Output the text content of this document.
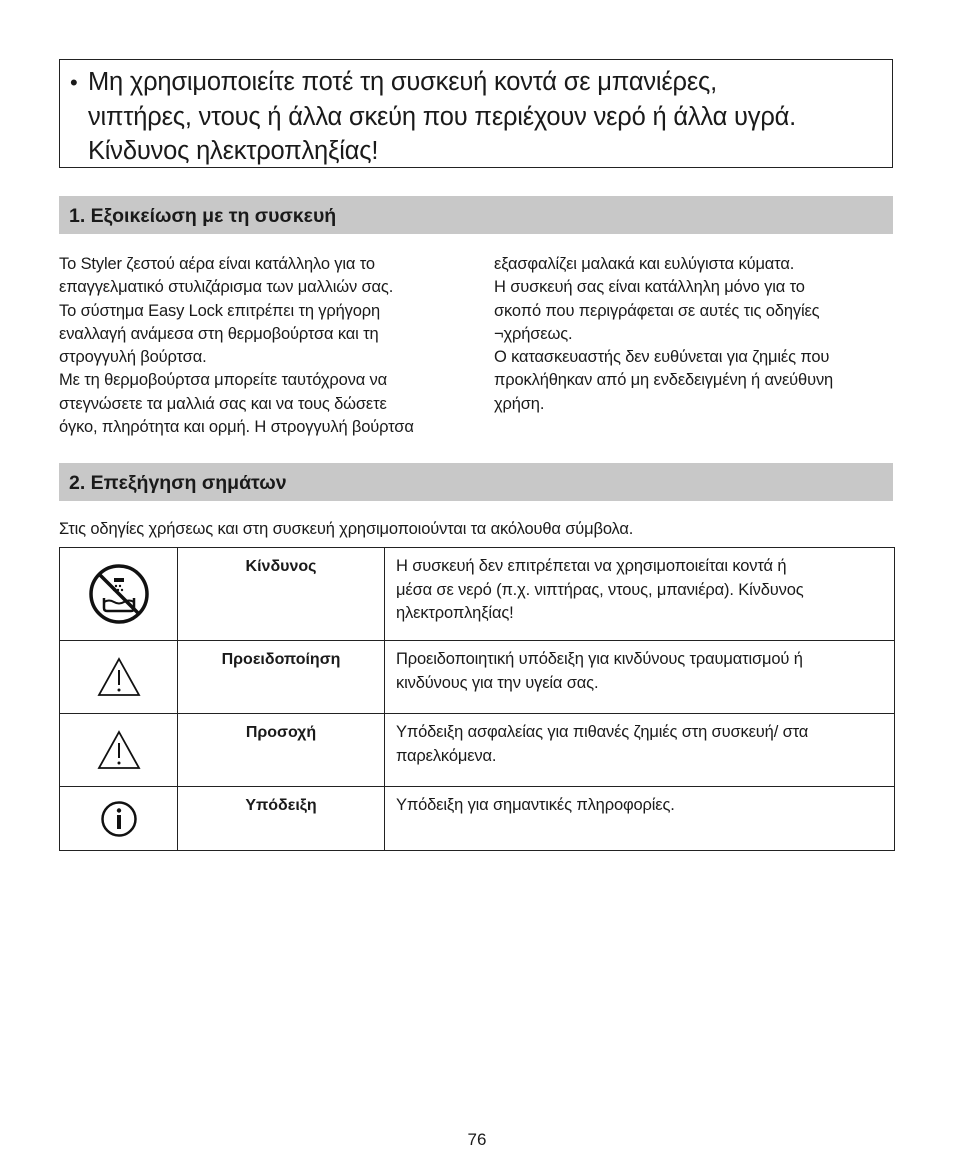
• Μη χρησιμοποιείτε ποτέ τη συσκευή κοντά σε μπανιέρες,
νιπτήρες, ντους ή άλλα σκεύη που περιέχουν νερό ή άλλα υγρά.
Κίνδυνος ηλεκτροπληξίας!
1. Εξοικείωση με τη συσκευή
Το Styler ζεστού αέρα είναι κατάλληλο για το
επαγγελματικό στυλιζάρισμα των μαλλιών σας.
Το σύστημα Easy Lock επιτρέπει τη γρήγορη
εναλλαγή ανάμεσα στη θερμοβούρτσα και τη
στρογγυλή βούρτσα.
Με τη θερμοβούρτσα μπορείτε ταυτόχρονα να
στεγνώσετε τα μαλλιά σας και να τους δώσετε
όγκο, πληρότητα και ορμή. Η στρογγυλή βούρτσα
εξασφαλίζει μαλακά και ευλύγιστα κύματα.
Η συσκευή σας είναι κατάλληλη μόνο για το
σκοπό που περιγράφεται σε αυτές τις οδηγίες
¬χρήσεως.
Ο κατασκευαστής δεν ευθύνεται για ζημιές που
προκλήθηκαν από μη ενδεδειγμένη ή ανεύθυνη
χρήση.
2. Επεξήγηση σημάτων
Στις οδηγίες χρήσεως και στη συσκευή χρησιμοποιούνται τα ακόλουθα σύμβολα.
	Κίνδυνος	Η συσκευή δεν επιτρέπεται να χρησιμοποιείται κοντά ή
μέσα σε νερό (π.χ. νιπτήρας, ντους, μπανιέρα). Κίνδυνος
ηλεκτροπληξίας!

	Προειδοποίηση	Προειδοποιητική υπόδειξη για κινδύνους τραυματισμού ή
κινδύνους για την υγεία σας.

	Προσοχή	Υπόδειξη ασφαλείας για πιθανές ζημιές στη συσκευή/ στα
παρελκόμενα.

	Υπόδειξη	Υπόδειξη για σημαντικές πληροφορίες.
76
